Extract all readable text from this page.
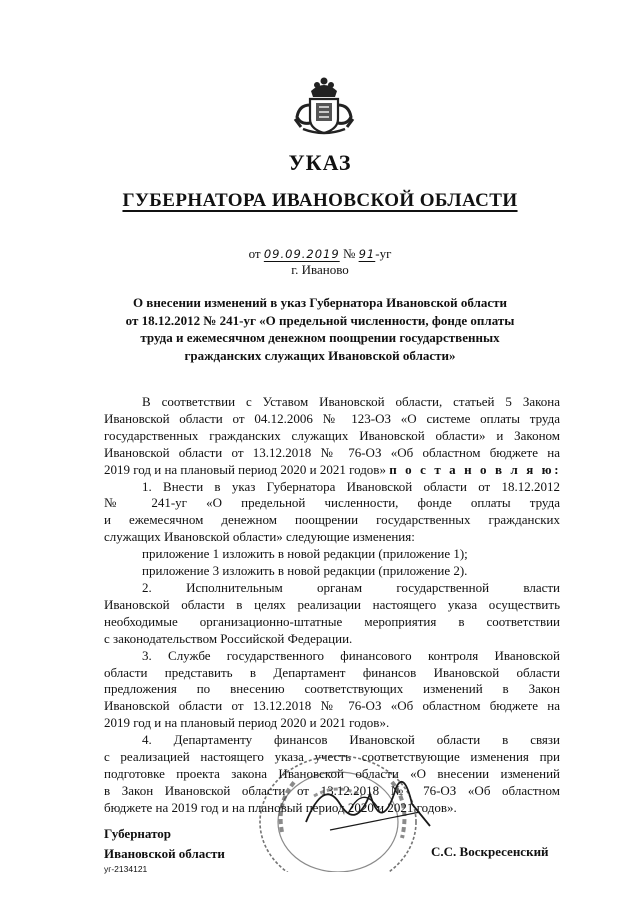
УКАЗ
ГУБЕРНАТОРА ИВАНОВСКОЙ ОБЛАСТИ
от 09.09.2019 № 91-уг
г. Иваново
О внесении изменений в указ Губернатора Ивановской области
от 18.12.2012 № 241-уг «О предельной численности, фонде оплаты
труда и ежемесячном денежном поощрении государственных
гражданских служащих Ивановской области»
В соответствии с Уставом Ивановской области, статьей 5 Закона
Ивановской области от 04.12.2006 № 123-ОЗ «О системе оплаты труда
государственных гражданских служащих Ивановской области» и Законом
Ивановской области от 13.12.2018 № 76-ОЗ «Об областном бюджете на
2019 год и на плановый период 2020 и 2021 годов» п о с т а н о в л я ю:
1. Внести в указ Губернатора Ивановской области от 18.12.2012
№ 241-уг «О предельной численности, фонде оплаты труда
и ежемесячном денежном поощрении государственных гражданских
служащих Ивановской области» следующие изменения:
приложение 1 изложить в новой редакции (приложение 1);
приложение 3 изложить в новой редакции (приложение 2).
2. Исполнительным органам государственной власти
Ивановской области в целях реализации настоящего указа осуществить
необходимые организационно-штатные мероприятия в соответствии
с законодательством Российской Федерации.
3. Службе государственного финансового контроля Ивановской
области представить в Департамент финансов Ивановской области
предложения по внесению соответствующих изменений в Закон
Ивановской области от 13.12.2018 № 76-ОЗ «Об областном бюджете на
2019 год и на плановый период 2020 и 2021 годов».
4. Департаменту финансов Ивановской области в связи
с реализацией настоящего указа учесть соответствующие изменения при
подготовке проекта закона Ивановской области «О внесении изменений
в Закон Ивановской области от 13.12.2018 № 76-ОЗ «Об областном
бюджете на 2019 год и на плановый период 2020 и 2021 годов».
Губернатор
Ивановской области	С.С. Воскресенский
уг-2134121
